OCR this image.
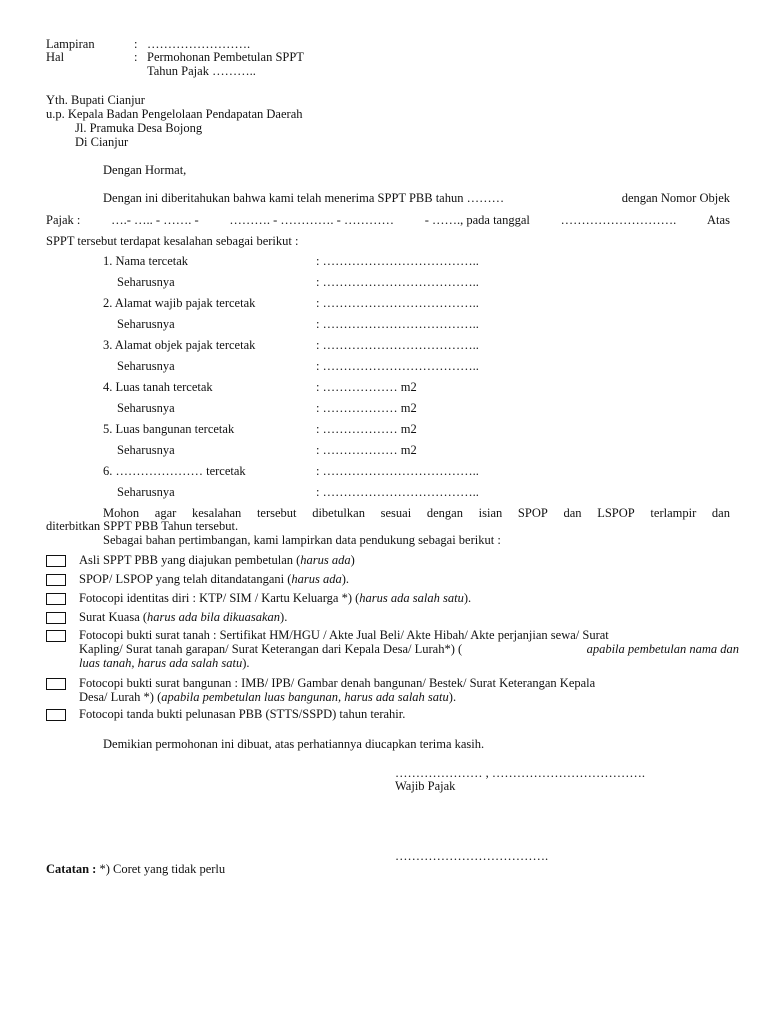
Lampiran	: …………………….
Hal	: Permohonan Pembetulan SPPT
Tahun Pajak ………..
Yth. Bupati Cianjur
u.p. Kepala Badan Pengelolaan Pendapatan Daerah
Jl. Pramuka Desa Bojong
Di Cianjur
Dengan Hormat,
Dengan ini diberitahukan bahwa kami telah menerima SPPT PBB tahun ………	dengan Nomor Objek
Pajak : ….- ….. - ……. - ………. - …………. - ………… - ……., pada tanggal ………………………. Atas
SPPT tersebut terdapat kesalahan sebagai berikut :
1. Nama tercetak	: ………………………………..
Seharusnya	: ………………………………..
2. Alamat wajib pajak tercetak	: ………………………………..
Seharusnya	: ………………………………..
3. Alamat objek pajak tercetak	: ………………………………..
Seharusnya	: ………………………………..
4. Luas tanah tercetak	: ……………… m2
Seharusnya	: ……………… m2
5. Luas bangunan tercetak	: ……………… m2
Seharusnya	: ……………… m2
6. ………………… tercetak	: ………………………………..
Seharusnya	: ………………………………..
Mohon agar kesalahan tersebut dibetulkan sesuai dengan isian SPOP dan LSPOP terlampir dan
diterbitkan SPPT PBB Tahun tersebut.
Sebagai bahan pertimbangan, kami lampirkan data pendukung sebagai berikut :
Asli SPPT PBB yang diajukan pembetulan (harus ada)
SPOP/ LSPOP yang telah ditandatangani (harus ada).
Fotocopi identitas diri : KTP/ SIM / Kartu Keluarga *) (harus ada salah satu).
Surat Kuasa (harus ada bila dikuasakan).
Fotocopi bukti surat tanah : Sertifikat HM/HGU / Akte Jual Beli/ Akte Hibah/ Akte perjanjian sewa/ Surat
Kapling/ Surat tanah garapan/ Surat Keterangan dari Kepala Desa/ Lurah*) (	apabila pembetulan nama dan
luas tanah, harus ada salah satu).
Fotocopi bukti surat bangunan : IMB/ IPB/ Gambar denah bangunan/ Bestek/ Surat Keterangan Kepala
Desa/ Lurah *) (apabila pembetulan luas bangunan, harus ada salah satu).
Fotocopi tanda bukti pelunasan PBB (STTS/SSPD) tahun terahir.
Demikian permohonan ini dibuat, atas perhatiannya diucapkan terima kasih.
………………… , ……………………………….
Wajib Pajak
……………………………….
Catatan : *) Coret yang tidak perlu
